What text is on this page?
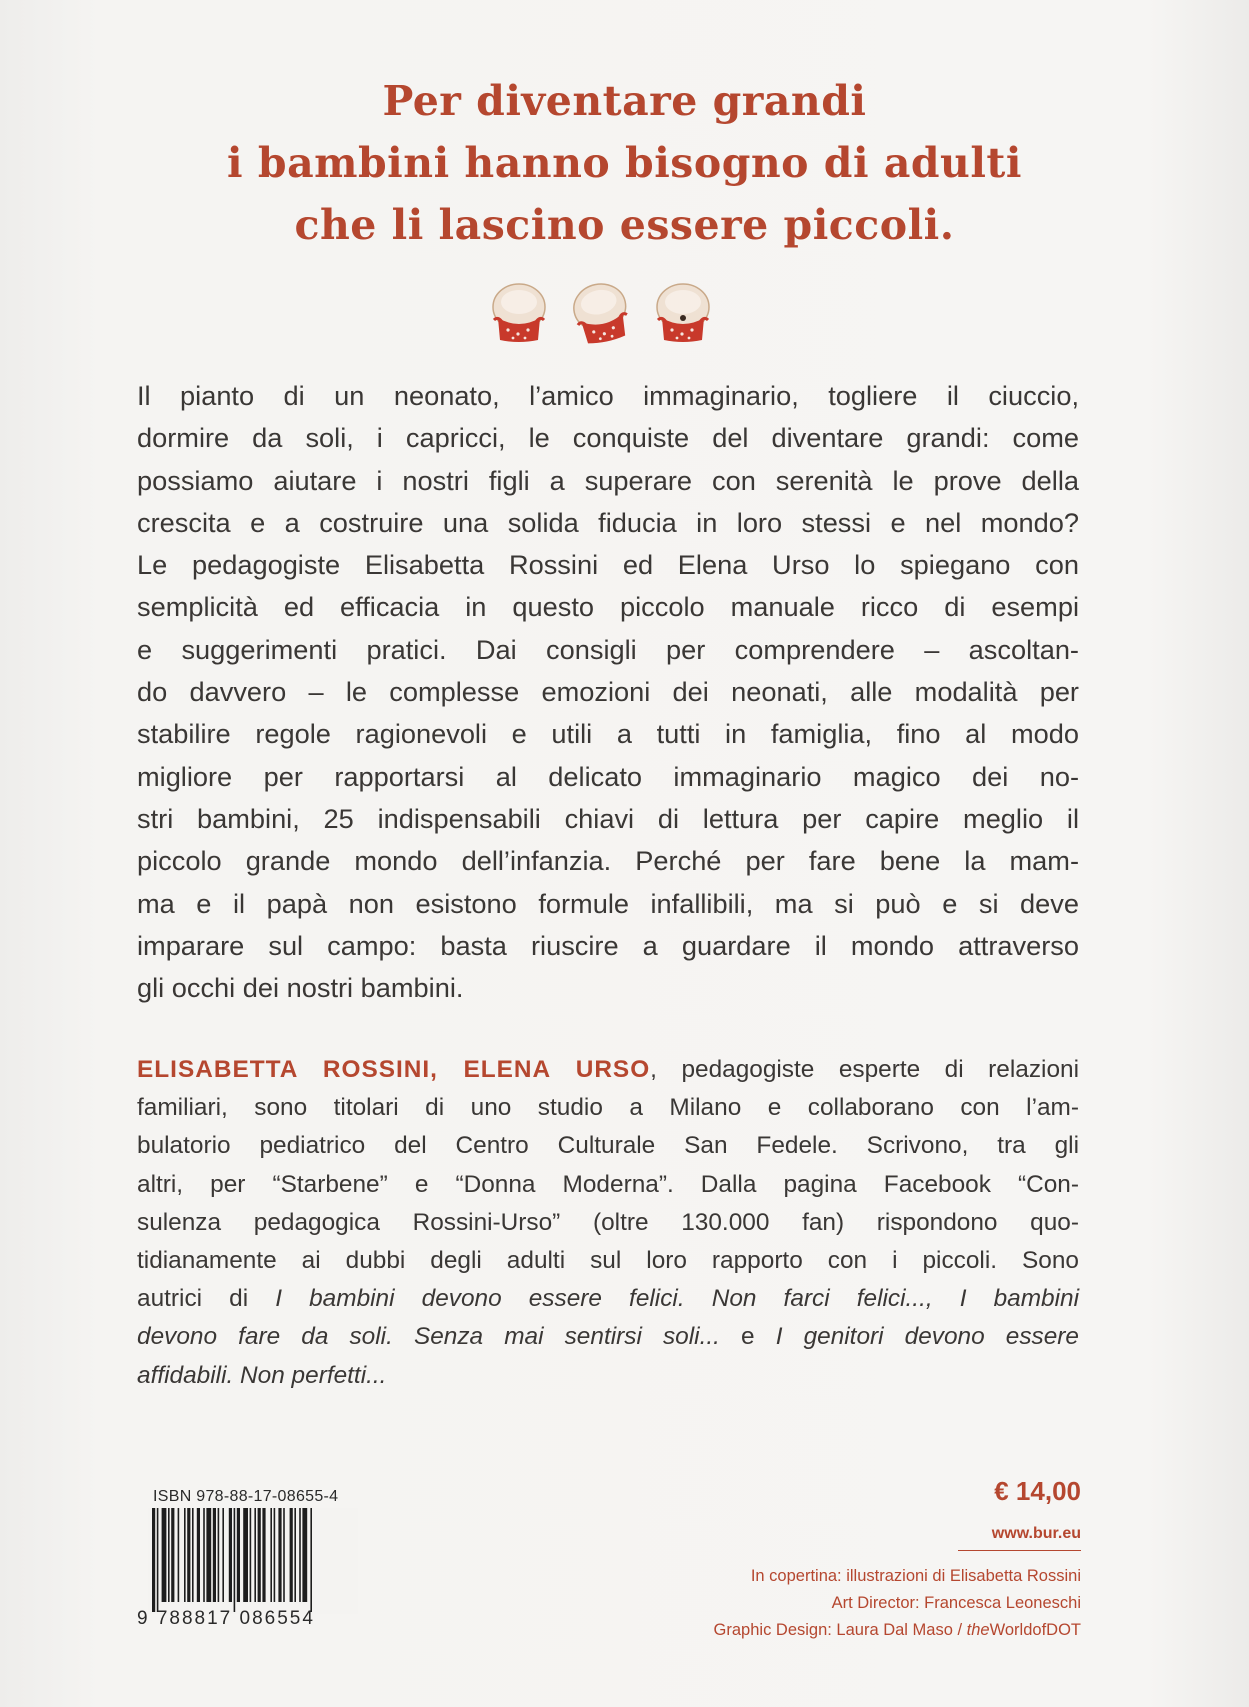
Per diventare grandi
i bambini hanno bisogno di adulti
che li lascino essere piccoli.
Il pianto di un neonato, l’amico immaginario, togliere il ciuccio,
dormire da soli, i capricci, le conquiste del diventare grandi: come
possiamo aiutare i nostri figli a superare con serenità le prove della
crescita e a costruire una solida fiducia in loro stessi e nel mondo?
Le pedagogiste Elisabetta Rossini ed Elena Urso lo spiegano con
semplicità ed efficacia in questo piccolo manuale ricco di esempi
e suggerimenti pratici. Dai consigli per comprendere – ascoltan-
do davvero – le complesse emozioni dei neonati, alle modalità per
stabilire regole ragionevoli e utili a tutti in famiglia, fino al modo
migliore per rapportarsi al delicato immaginario magico dei no-
stri bambini, 25 indispensabili chiavi di lettura per capire meglio il
piccolo grande mondo dell’infanzia. Perché per fare bene la mam-
ma e il papà non esistono formule infallibili, ma si può e si deve
imparare sul campo: basta riuscire a guardare il mondo attraverso
gli occhi dei nostri bambini.
ELISABETTA ROSSINI, ELENA URSO, pedagogiste esperte di relazioni
familiari, sono titolari di uno studio a Milano e collaborano con l’am-
bulatorio pediatrico del Centro Culturale San Fedele. Scrivono, tra gli
altri, per “Starbene” e “Donna Moderna”. Dalla pagina Facebook “Con-
sulenza pedagogica Rossini-Urso” (oltre 130.000 fan) rispondono quo-
tidianamente ai dubbi degli adulti sul loro rapporto con i piccoli. Sono
autrici di I bambini devono essere felici. Non farci felici..., I bambini
devono fare da soli. Senza mai sentirsi soli... e I genitori devono essere
affidabili. Non perfetti...
ISBN 978-88-17-08655-4
9 788817 086554
€ 14,00
www.bur.eu
In copertina: illustrazioni di Elisabetta Rossini
Art Director: Francesca Leoneschi
Graphic Design: Laura Dal Maso / theWorldofDOT
